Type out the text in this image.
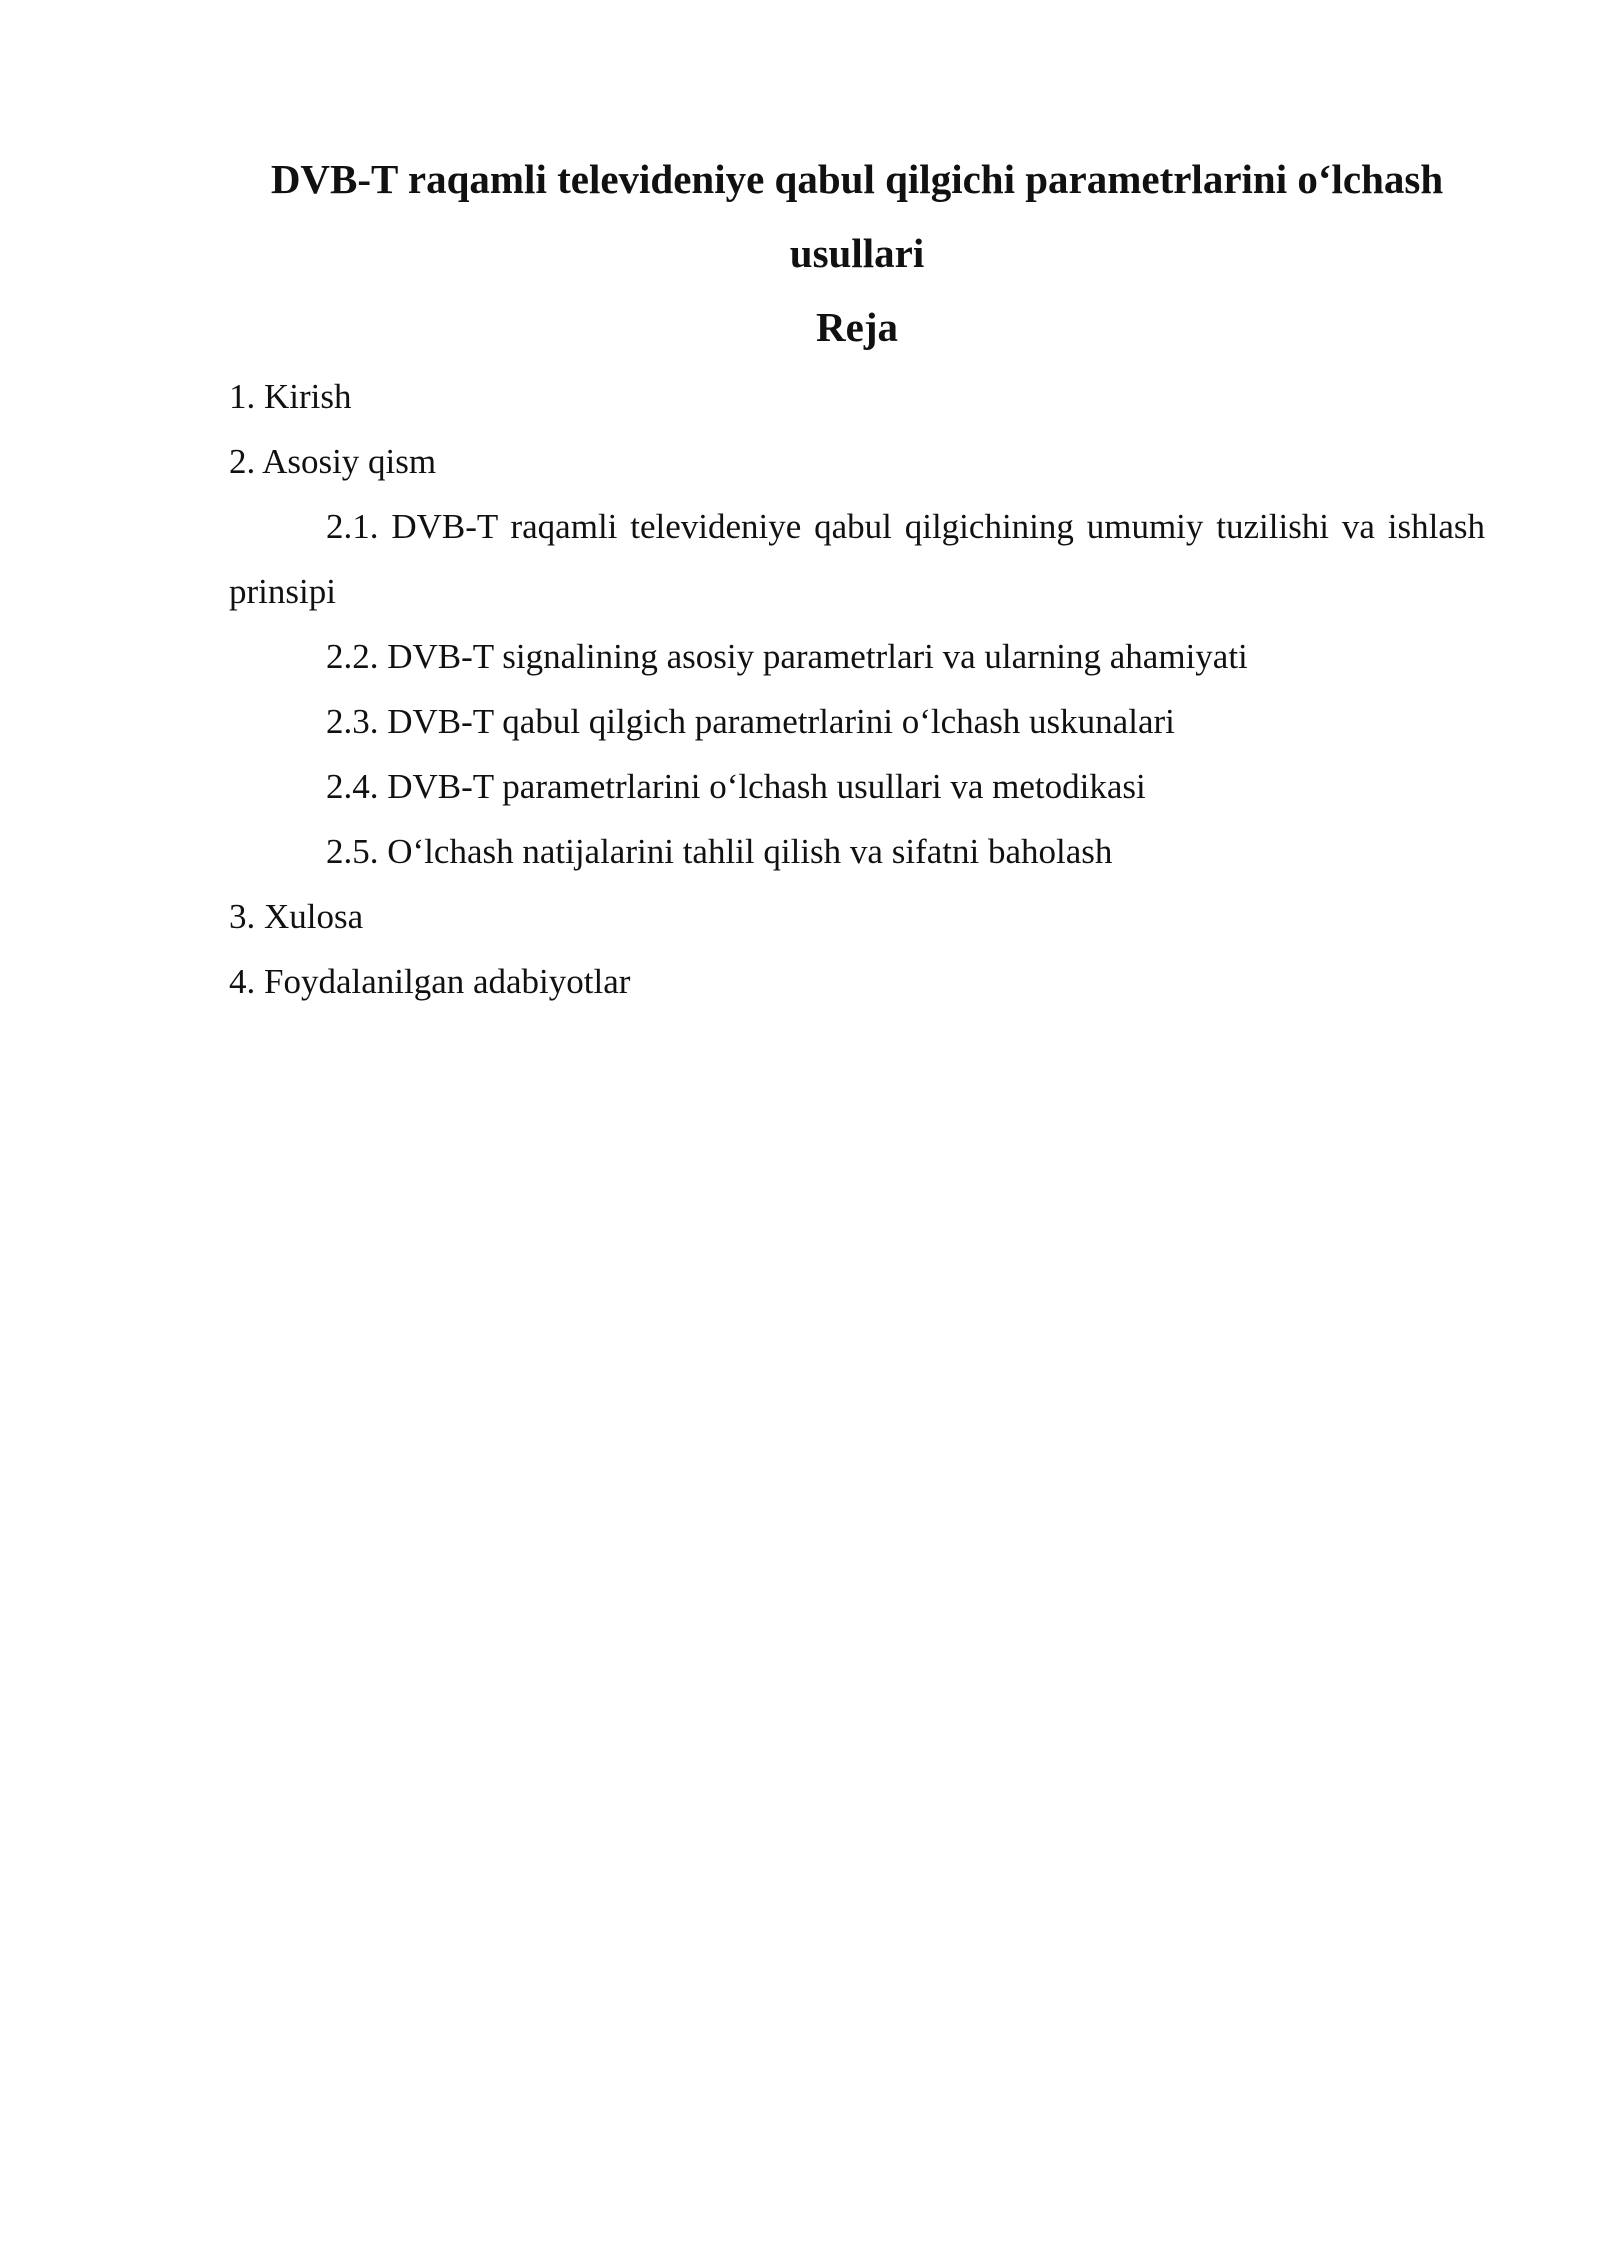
DVB-T raqamli televideniye qabul qilgichi parametrlarini o‘lchash usullari
Reja
1. Kirish
2. Asosiy qism
2.1. DVB-T raqamli televideniye qabul qilgichining umumiy tuzilishi va ishlash prinsipi
2.2. DVB-T signalining asosiy parametrlari va ularning ahamiyati
2.3. DVB-T qabul qilgich parametrlarini o‘lchash uskunalari
2.4. DVB-T parametrlarini o‘lchash usullari va metodikasi
2.5. O‘lchash natijalarini tahlil qilish va sifatni baholash
3. Xulosa
4. Foydalanilgan adabiyotlar
